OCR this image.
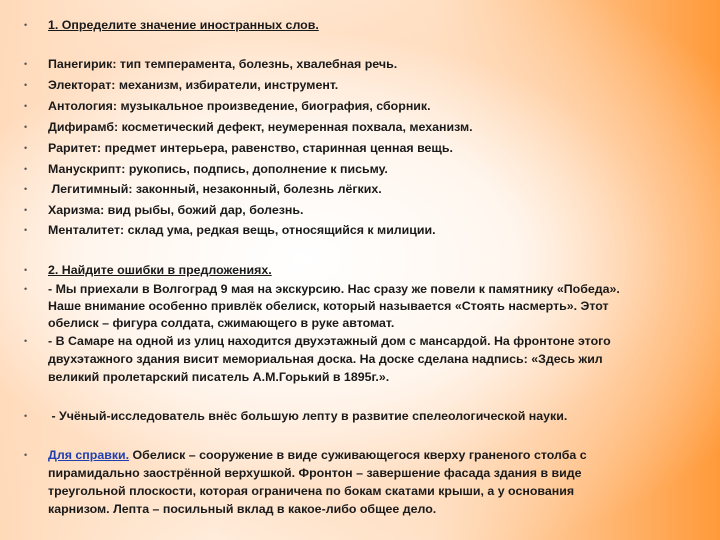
•	1. Определите значение иностранных слов.
•	Панегирик: тип темперамента, болезнь, хвалебная речь.
•	Электорат: механизм, избиратели, инструмент.
•	Антология: музыкальное произведение, биография, сборник.
•	Дифирамб: косметический дефект, неумеренная похвала, механизм.
•	Раритет: предмет интерьера, равенство, старинная ценная вещь.
•	Манускрипт: рукопись, подпись, дополнение к письму.
•	Легитимный: законный, незаконный, болезнь лёгких.
•	Харизма: вид рыбы, божий дар, болезнь.
•	Менталитет: склад ума, редкая вещь, относящийся к милиции.
•	2. Найдите ошибки в предложениях.
•	- Мы приехали в Волгоград 9 мая на экскурсию. Нас сразу же повели к памятнику «Победа».
Наше внимание особенно привлёк обелиск, который называется «Стоять насмерть». Этот
обелиск – фигура солдата, сжимающего в руке автомат.
•	- В Самаре на одной из улиц находится двухэтажный дом с мансардой. На фронтоне этого
двухэтажного здания висит мемориальная доска. На доске сделана надпись: «Здесь жил
великий пролетарский писатель А.М.Горький в 1895г.».
•	- Учёный-исследователь внёс большую лепту в развитие спелеологической науки.
•	Для справки. Обелиск – сооружение в виде суживающегося кверху граненого столба с
пирамидально заострённой верхушкой. Фронтон – завершение фасада здания в виде
треугольной плоскости, которая ограничена по бокам скатами крыши, а у основания
карнизом. Лепта – посильный вклад в какое-либо общее дело.
